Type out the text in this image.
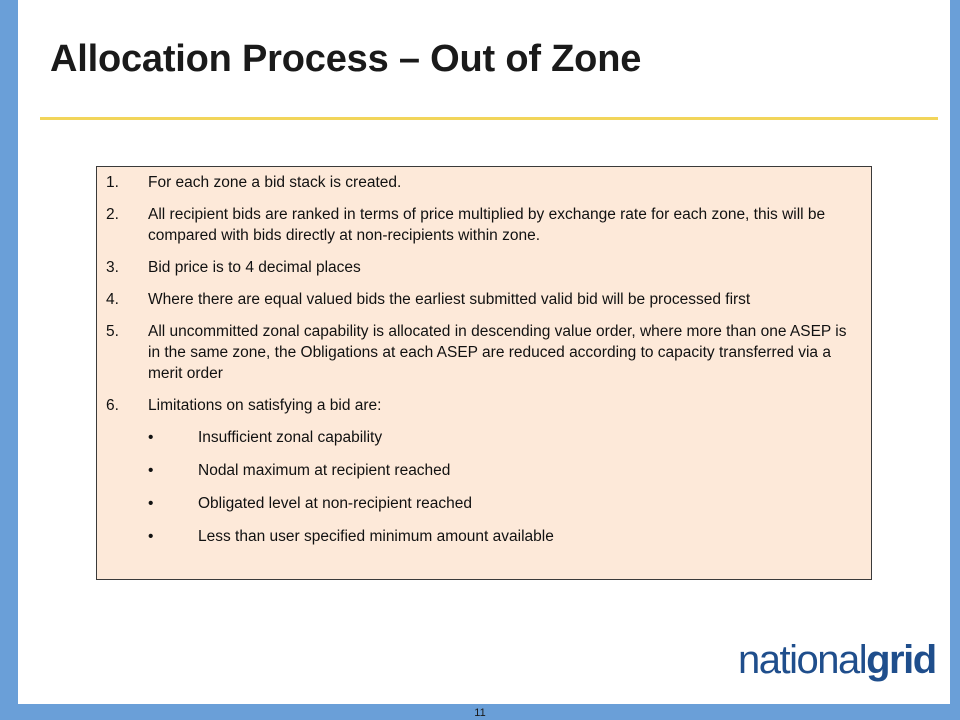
11
Allocation Process – Out of Zone
1.	For each zone a bid stack is created.
2.	All recipient bids are ranked in terms of price multiplied by exchange rate for each zone, this will be compared with bids directly at non-recipients within zone.
3.	Bid price is to 4 decimal places
4.	Where there are equal valued bids the earliest submitted valid bid will be processed first
5.	All uncommitted zonal capability is allocated in descending value order, where more than one ASEP is in the same zone, the Obligations at each ASEP are reduced according to capacity transferred via a merit order
6.	Limitations on satisfying a bid are:
•	Insufficient zonal capability
•	Nodal maximum at recipient reached
•	Obligated level at non-recipient reached
•	Less than user specified minimum amount available
nationalgrid
